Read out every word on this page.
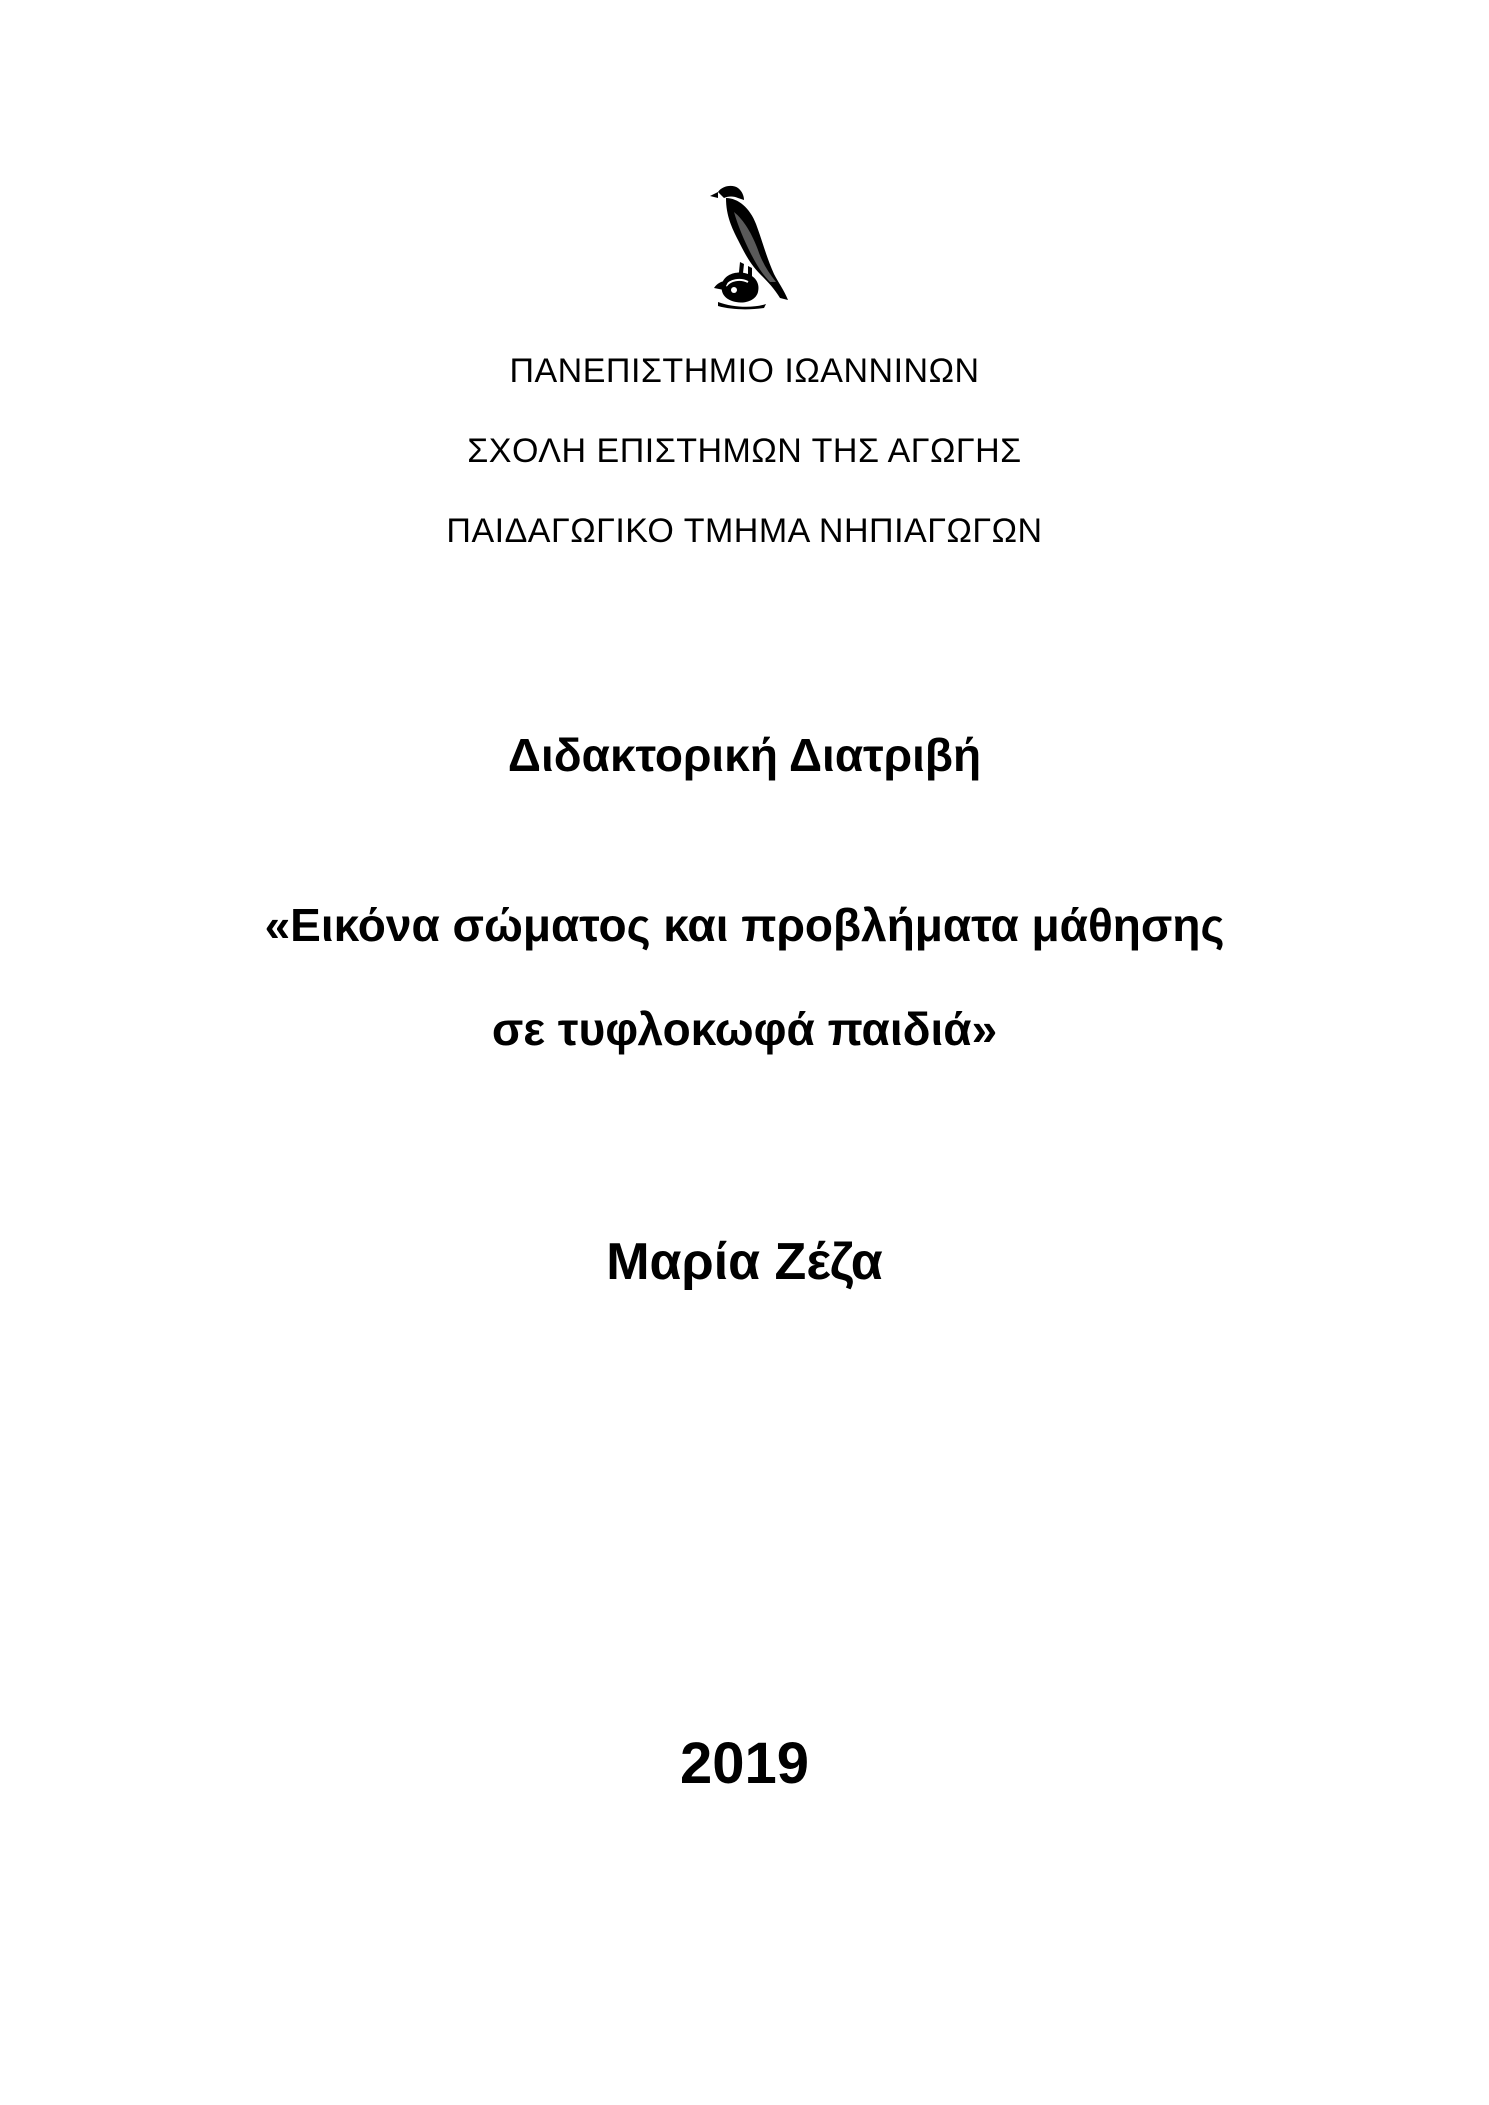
ΠΑΝΕΠΙΣΤΗΜΙΟ ΙΩΑΝΝΙΝΩΝ
ΣΧΟΛΗ ΕΠΙΣΤΗΜΩΝ ΤΗΣ ΑΓΩΓΗΣ
ΠΑΙΔΑΓΩΓΙΚΟ ΤΜΗΜΑ ΝΗΠΙΑΓΩΓΩΝ
Διδακτορική Διατριβή
«Εικόνα σώματος και προβλήματα μάθησης
σε τυφλοκωφά παιδιά»
Μαρία Ζέζα
2019
